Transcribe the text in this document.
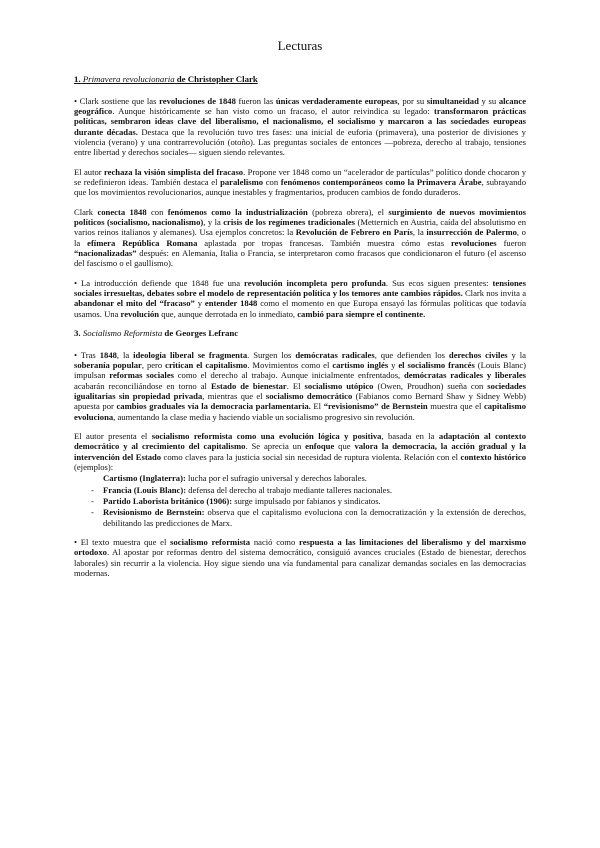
Lecturas
1. Primavera revolucionaria de Christopher Clark

• Clark sostiene que las revoluciones de 1848 fueron las únicas verdaderamente europeas, por su simultaneidad y su alcance geográfico. Aunque históricamente se han visto como un fracaso, el autor reivindica su legado: transformaron prácticas políticas, sembraron ideas clave del liberalismo, el nacionalismo, el socialismo y marcaron a las sociedades europeas durante décadas. Destaca que la revolución tuvo tres fases: una inicial de euforia (primavera), una posterior de divisiones y violencia (verano) y una contrarrevolución (otoño). Las preguntas sociales de entonces —pobreza, derecho al trabajo, tensiones entre libertad y derechos sociales— siguen siendo relevantes.

El autor rechaza la visión simplista del fracaso. Propone ver 1848 como un “acelerador de partículas” político donde chocaron y se redefinieron ideas. También destaca el paralelismo con fenómenos contemporáneos como la Primavera Árabe, subrayando que los movimientos revolucionarios, aunque inestables y fragmentarios, producen cambios de fondo duraderos.

Clark conecta 1848 con fenómenos como la industrialización (pobreza obrera), el surgimiento de nuevos movimientos políticos (socialismo, nacionalismo), y la crisis de los regímenes tradicionales (Metternich en Austria, caída del absolutismo en varios reinos italianos y alemanes). Usa ejemplos concretos: la Revolución de Febrero en París, la insurrección de Palermo, o la efímera República Romana aplastada por tropas francesas. También muestra cómo estas revoluciones fueron “nacionalizadas” después: en Alemania, Italia o Francia, se interpretaron como fracasos que condicionaron el futuro (el ascenso del fascismo o el gaullismo).

• La introducción defiende que 1848 fue una revolución incompleta pero profunda. Sus ecos siguen presentes: tensiones sociales irresueltas, debates sobre el modelo de representación política y los temores ante cambios rápidos. Clark nos invita a abandonar el mito del “fracaso” y entender 1848 como el momento en que Europa ensayó las fórmulas políticas que todavía usamos. Una revolución que, aunque derrotada en lo inmediato, cambió para siempre el continente.

3. Socialismo Reformista de Georges Lefranc

• Tras 1848, la ideología liberal se fragmenta. Surgen los demócratas radicales, que defienden los derechos civiles y la soberanía popular, pero critican el capitalismo. Movimientos como el cartismo inglés y el socialismo francés (Louis Blanc) impulsan reformas sociales como el derecho al trabajo. Aunque inicialmente enfrentados, demócratas radicales y liberales acabarán reconciliándose en torno al Estado de bienestar. El socialismo utópico (Owen, Proudhon) sueña con sociedades igualitarias sin propiedad privada, mientras que el socialismo democrático (Fabianos como Bernard Shaw y Sidney Webb) apuesta por cambios graduales vía la democracia parlamentaria. El “revisionismo” de Bernstein muestra que el capitalismo evoluciona, aumentando la clase media y haciendo viable un socialismo progresivo sin revolución.

El autor presenta el socialismo reformista como una evolución lógica y positiva, basada en la adaptación al contexto democrático y al crecimiento del capitalismo. Se aprecia un enfoque que valora la democracia, la acción gradual y la intervención del Estado como claves para la justicia social sin necesidad de ruptura violenta. Relación con el contexto histórico (ejemplos):

Cartismo (Inglaterra): lucha por el sufragio universal y derechos laborales.
- Francia (Louis Blanc): defensa del derecho al trabajo mediante talleres nacionales.
- Partido Laborista británico (1906): surge impulsado por fabianos y sindicatos.
- Revisionismo de Bernstein: observa que el capitalismo evoluciona con la democratización y la extensión de derechos, debilitando las predicciones de Marx.

• El texto muestra que el socialismo reformista nació como respuesta a las limitaciones del liberalismo y del marxismo ortodoxo. Al apostar por reformas dentro del sistema democrático, consiguió avances cruciales (Estado de bienestar, derechos laborales) sin recurrir a la violencia. Hoy sigue siendo una vía fundamental para canalizar demandas sociales en las democracias modernas.
